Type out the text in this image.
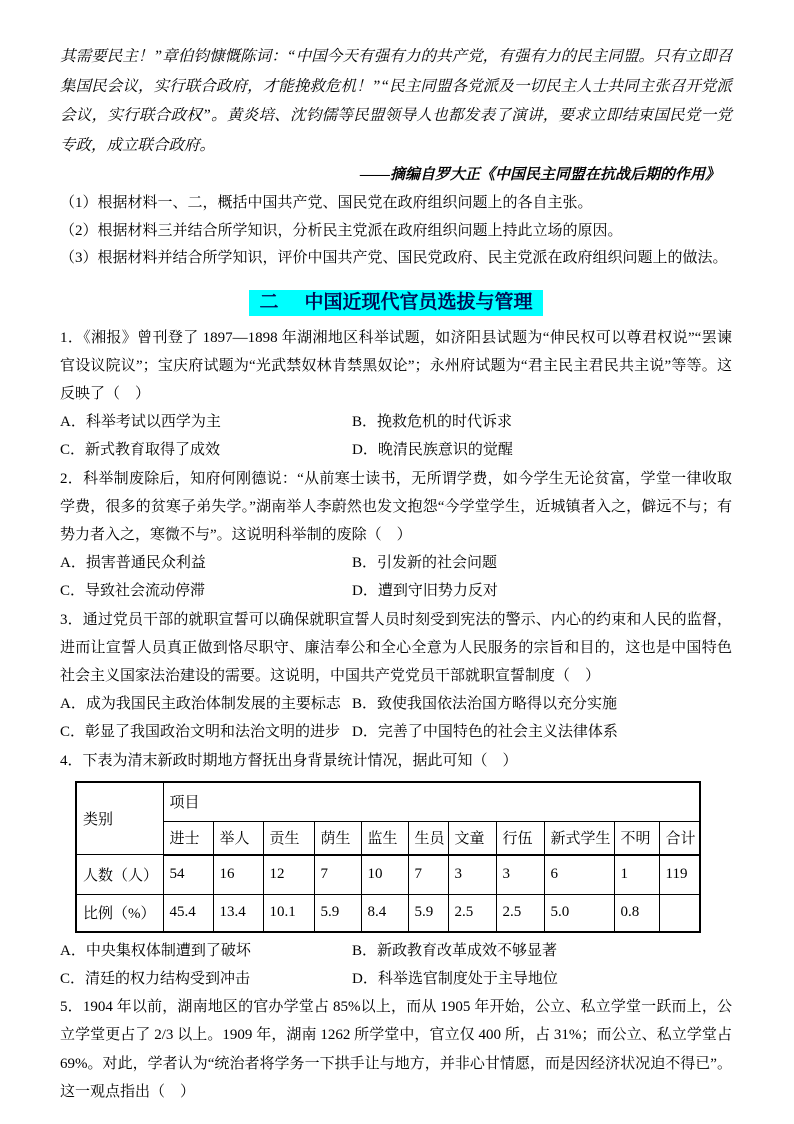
其需要民主！”章伯钧慷慨陈词：“中国今天有强有力的共产党，有强有力的民主同盟。只有立即召集国民会议，实行联合政府，才能挽救危机！”“民主同盟各党派及一切民主人士共同主张召开党派会议，实行联合政权”。黄炎培、沈钧儒等民盟领导人也都发表了演讲，要求立即结束国民党一党专政，成立联合政府。

——摘编自罗大正《中国民主同盟在抗战后期的作用》

（1）根据材料一、二，概括中国共产党、国民党在政府组织问题上的各自主张。

（2）根据材料三并结合所学知识，分析民主党派在政府组织问题上持此立场的原因。

（3）根据材料并结合所学知识，评价中国共产党、国民党政府、民主党派在政府组织问题上的做法。

二 中国近现代官员选拔与管理

1．《湘报》曾刊登了 1897—1898 年湖湘地区科举试题，如济阳县试题为“伸民权可以尊君权说”“罢谏官设议院议”；宝庆府试题为“光武禁奴林肯禁黑奴论”；永州府试题为“君主民主君民共主说”等等。这反映了（　）

A．科举考试以西学为主	B．挽救危机的时代诉求
C．新式教育取得了成效	D．晚清民族意识的觉醒

2．科举制废除后，知府何刚德说：“从前寒士读书，无所谓学费，如今学生无论贫富，学堂一律收取学费，很多的贫寒子弟失学。”湖南举人李蔚然也发文抱怨“今学堂学生，近城镇者入之，僻远不与；有势力者入之，寒微不与”。这说明科举制的废除（　）

A．损害普通民众利益	B．引发新的社会问题
C．导致社会流动停滞	D．遭到守旧势力反对

3．通过党员干部的就职宣誓可以确保就职宣誓人员时刻受到宪法的警示、内心的约束和人民的监督，进而让宣誓人员真正做到恪尽职守、廉洁奉公和全心全意为人民服务的宗旨和目的，这也是中国特色社会主义国家法治建设的需要。这说明，中国共产党党员干部就职宣誓制度（　）

A．成为我国民主政治体制发展的主要标志 B．致使我国依法治国方略得以充分实施
C．彰显了我国政治文明和法治文明的进步 D．完善了中国特色的社会主义法律体系

4．下表为清末新政时期地方督抚出身背景统计情况，据此可知（　）

类别	项目										
	进士	举人	贡生	荫生	监生	生员	文童	行伍	新式学生	不明	合计
人数（人）	54	16	12	7	10	7	3	3	6	1	119
比例（%）	45.4	13.4	10.1	5.9	8.4	5.9	2.5	2.5	5.0	0.8	
A．中央集权体制遭到了破坏	B．新政教育改革成效不够显著
C．清廷的权力结构受到冲击	D．科举选官制度处于主导地位

5．1904 年以前，湖南地区的官办学堂占 85%以上，而从 1905 年开始，公立、私立学堂一跃而上，公立学堂更占了 2/3 以上。1909 年，湖南 1262 所学堂中，官立仅 400 所，占 31%；而公立、私立学堂占 69%。对此，学者认为“统治者将学务一下拱手让与地方，并非心甘情愿，而是因经济状况迫不得已”。这一观点指出（　）
